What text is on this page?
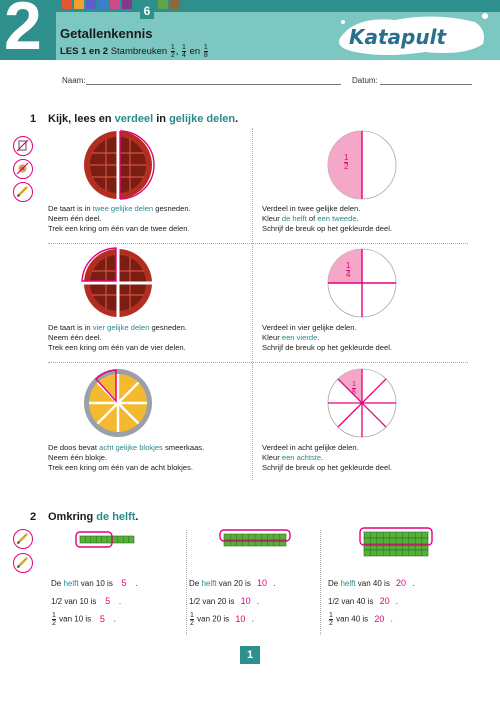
2	6
Getallenkennis
LES 1 en 2 Stambreuken $\frac{1}{2}$ , $\frac{1}{4}$ en $\frac{1}{8}$
Katapult
Naam:	Datum:
1 Kijk, lees en verdeel in gelijke delen.
$\frac{1}{2}$
De taart is in twee gelijke delen gesneden.
Neem één deel.
Trek een kring om één van de twee delen.
Verdeel in twee gelijke delen.
Kleur de helft of een tweede.
Schrijf de breuk op het gekleurde deel.
$\frac{1}{4}$
De taart is in vier gelijke delen gesneden.
Neem één deel.
Trek een kring om één van de vier delen.
Verdeel in vier gelijke delen.
Kleur een vierde.
Schrijf de breuk op het gekleurde deel.
$\frac{1}{8}$
De doos bevat acht gelijke blokjes smeerkaas.
Neem één blokje.
Trek een kring om één van de acht blokjes.
Verdeel in acht gelijke delen.
Kleur een achtste.
Schrijf de breuk op het gekleurde deel.
2 Omkring de helft.
De helft van 10 is 5 .
1/2 van 10 is 5 .
$\frac{1}{2}$ van 10 is 5 .
De helft van 20 is 10 .
1/2 van 20 is 10 .
$\frac{1}{2}$ van 20 is 10 .
De helft van 40 is 20 .
1/2 van 40 is 20 .
$\frac{1}{2}$ van 40 is 20 .
1
